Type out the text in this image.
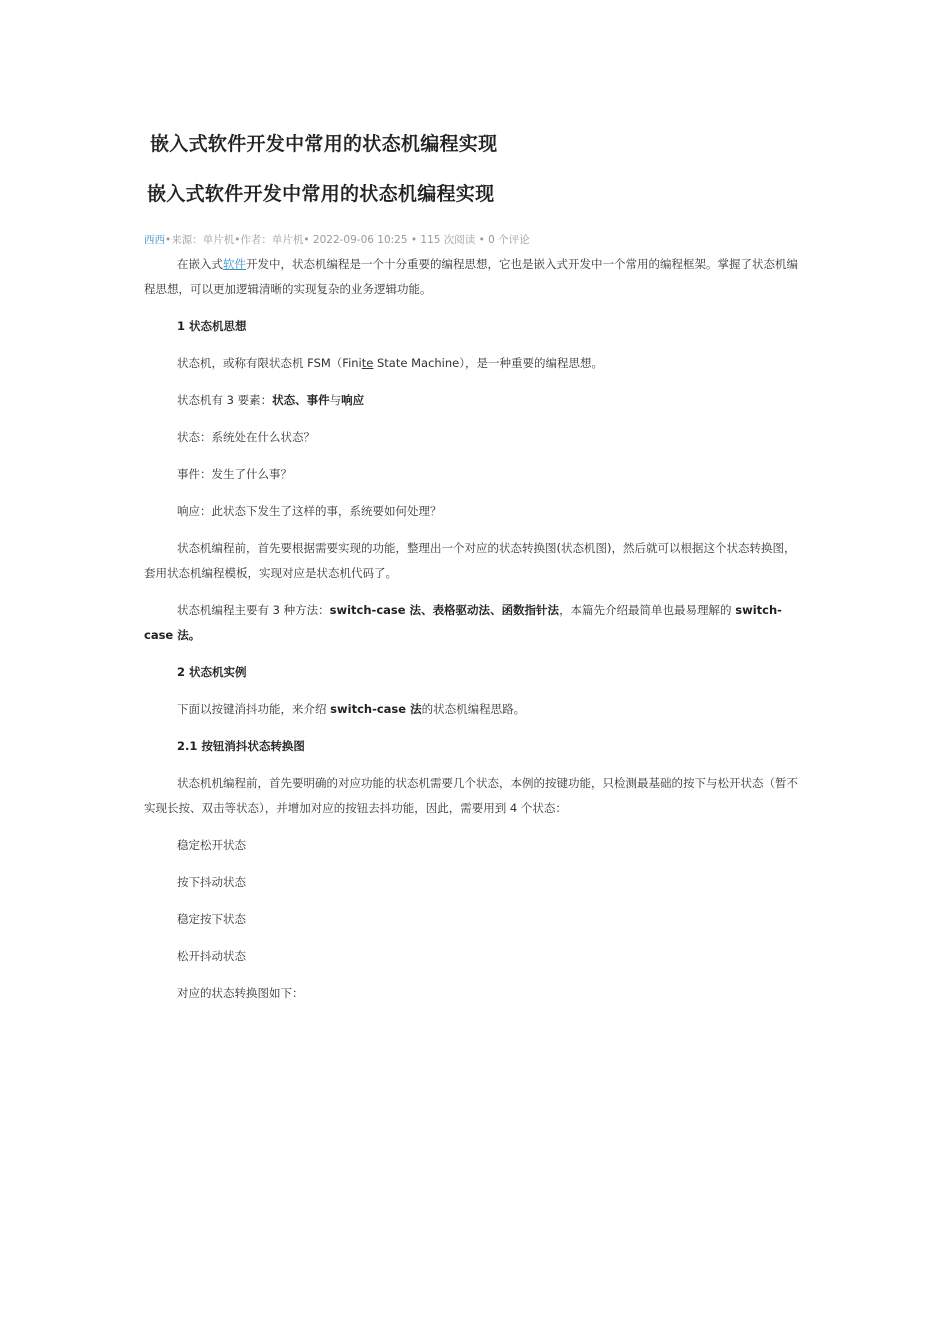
嵌入式软件开发中常用的状态机编程实现
嵌入式软件开发中常用的状态机编程实现
西西•来源：单片机•作者：单片机• 2022-09-06 10:25 • 115 次阅读 • 0 个评论

在嵌入式软件开发中，状态机编程是一个十分重要的编程思想，它也是嵌入式开发中一个常用的编程框架。掌握了状态机编程思想，可以更加逻辑清晰的实现复杂的业务逻辑功能。

1 状态机思想

状态机，或称有限状态机 FSM（Finite State Machine），是一种重要的编程思想。

状态机有 3 要素：状态、事件与响应

状态：系统处在什么状态？

事件：发生了什么事？

响应：此状态下发生了这样的事，系统要如何处理？

状态机编程前，首先要根据需要实现的功能，整理出一个对应的状态转换图(状态机图)，然后就可以根据这个状态转换图，套用状态机编程模板，实现对应是状态机代码了。

状态机编程主要有 3 种方法：switch-case 法、表格驱动法、函数指针法，本篇先介绍最简单也最易理解的 switch-case 法。

2 状态机实例

下面以按键消抖功能，来介绍 switch-case 法的状态机编程思路。

2.1 按钮消抖状态转换图

状态机机编程前，首先要明确的对应功能的状态机需要几个状态，本例的按键功能，只检测最基础的按下与松开状态（暂不实现长按、双击等状态），并增加对应的按钮去抖功能，因此，需要用到 4 个状态：

稳定松开状态

按下抖动状态

稳定按下状态

松开抖动状态

对应的状态转换图如下：
